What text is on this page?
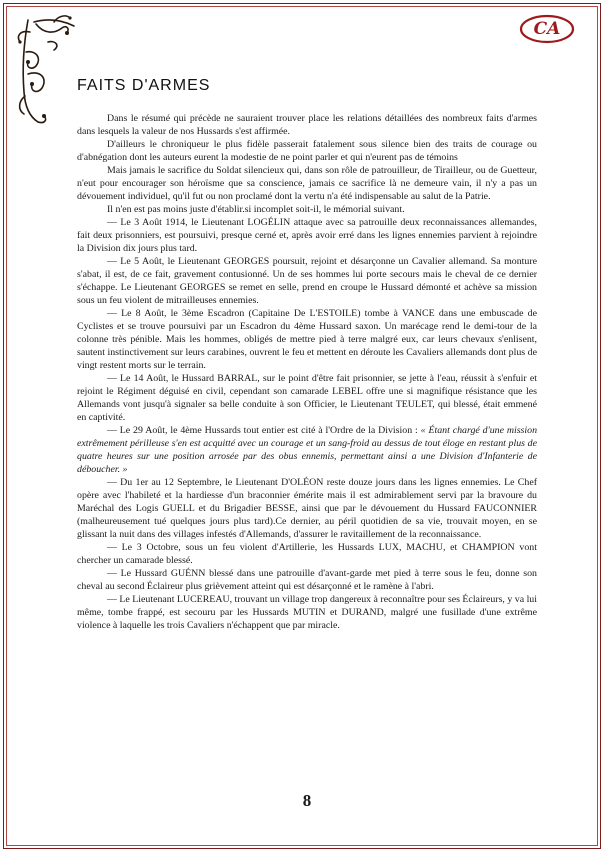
CA
FAITS D'ARMES

Dans le résumé qui précède ne sauraient trouver place les relations détaillées des nombreux faits d'armes dans lesquels la valeur de nos Hussards s'est affirmée.

D'ailleurs le chroniqueur le plus fidèle passerait fatalement sous silence bien des traits de courage ou d'abnégation dont les auteurs eurent la modestie de ne point parler et qui n'eurent pas de témoins

Mais jamais le sacrifice du Soldat silencieux qui, dans son rôle de patrouilleur, de Tirailleur, ou de Guetteur, n'eut pour encourager son héroïsme que sa conscience, jamais ce sacrifice là ne demeure vain, il n'y a pas un dévouement individuel, qu'il fut ou non proclamé dont la vertu n'a été indispensable au salut de la Patrie.

Il n'en est pas moins juste d'établir.si incomplet soit-il, le mémorial suivant.

— Le 3 Août 1914, le Lieutenant LOGÉLIN attaque avec sa patrouille deux reconnaissances allemandes, fait deux prisonniers, est poursuivi, presque cerné et, après avoir erré dans les lignes ennemies parvient à rejoindre la Division dix jours plus tard.

— Le 5 Août, le Lieutenant GEORGES poursuit, rejoint et désarçonne un Cavalier allemand. Sa monture s'abat, il est, de ce fait, gravement contusionné. Un de ses hommes lui porte secours mais le cheval de ce dernier s'échappe. Le Lieutenant GEORGES se remet en selle, prend en croupe le Hussard démonté et achève sa mission sous un feu violent de mitrailleuses ennemies.

— Le 8 Août, le 3ème Escadron (Capitaine De L'ESTOILE) tombe à VANCE dans une embuscade de Cyclistes et se trouve poursuivi par un Escadron du 4ème Hussard saxon. Un marécage rend le demi-tour de la colonne très pénible. Mais les hommes, obligés de mettre pied à terre malgré eux, car leurs chevaux s'enlisent, sautent instinctivement sur leurs carabines, ouvrent le feu et mettent en déroute les Cavaliers allemands dont plus de vingt restent morts sur le terrain.

— Le 14 Août, le Hussard BARRAL, sur le point d'être fait prisonnier, se jette à l'eau, réussit à s'enfuir et rejoint le Régiment déguisé en civil, cependant son camarade LEBEL offre une si magnifique résistance que les Allemands vont jusqu'à signaler sa belle conduite à son Officier, le Lieutenant TEULET, qui blessé, était emmené en captivité.

— Le 29 Août, le 4ème Hussards tout entier est cité à l'Ordre de la Division : « Étant chargé d'une mission extrêmement périlleuse s'en est acquitté avec un courage et un sang-froid au dessus de tout éloge en restant plus de quatre heures sur une position arrosée par des obus ennemis, permettant ainsi a une Division d'Infanterie de déboucher. »

— Du 1er au 12 Septembre, le Lieutenant D'OLÉON reste douze jours dans les lignes ennemies. Le Chef opère avec l'habileté et la hardiesse d'un braconnier émérite mais il est admirablement servi par la bravoure du Maréchal des Logis GUELL et du Brigadier BESSE, ainsi que par le dévouement du Hussard FAUCONNIER (malheureusement tué quelques jours plus tard).Ce dernier, au péril quotidien de sa vie, trouvait moyen, en se glissant la nuit dans des villages infestés d'Allemands, d'assurer le ravitaillement de la reconnaissance.

— Le 3 Octobre, sous un feu violent d'Artillerie, les Hussards LUX, MACHU, et CHAMPION vont chercher un camarade blessé.

— Le Hussard GUÉNN blessé dans une patrouille d'avant-garde met pied à terre sous le feu, donne son cheval au second Éclaireur plus grièvement atteint qui est désarçonné et le ramène à l'abri.

— Le Lieutenant LUCEREAU, trouvant un village trop dangereux à reconnaître pour ses Éclaireurs, y va lui même, tombe frappé, est secouru par les Hussards MUTIN et DURAND, malgré une fusillade d'une extrême violence à laquelle les trois Cavaliers n'échappent que par miracle.

8
